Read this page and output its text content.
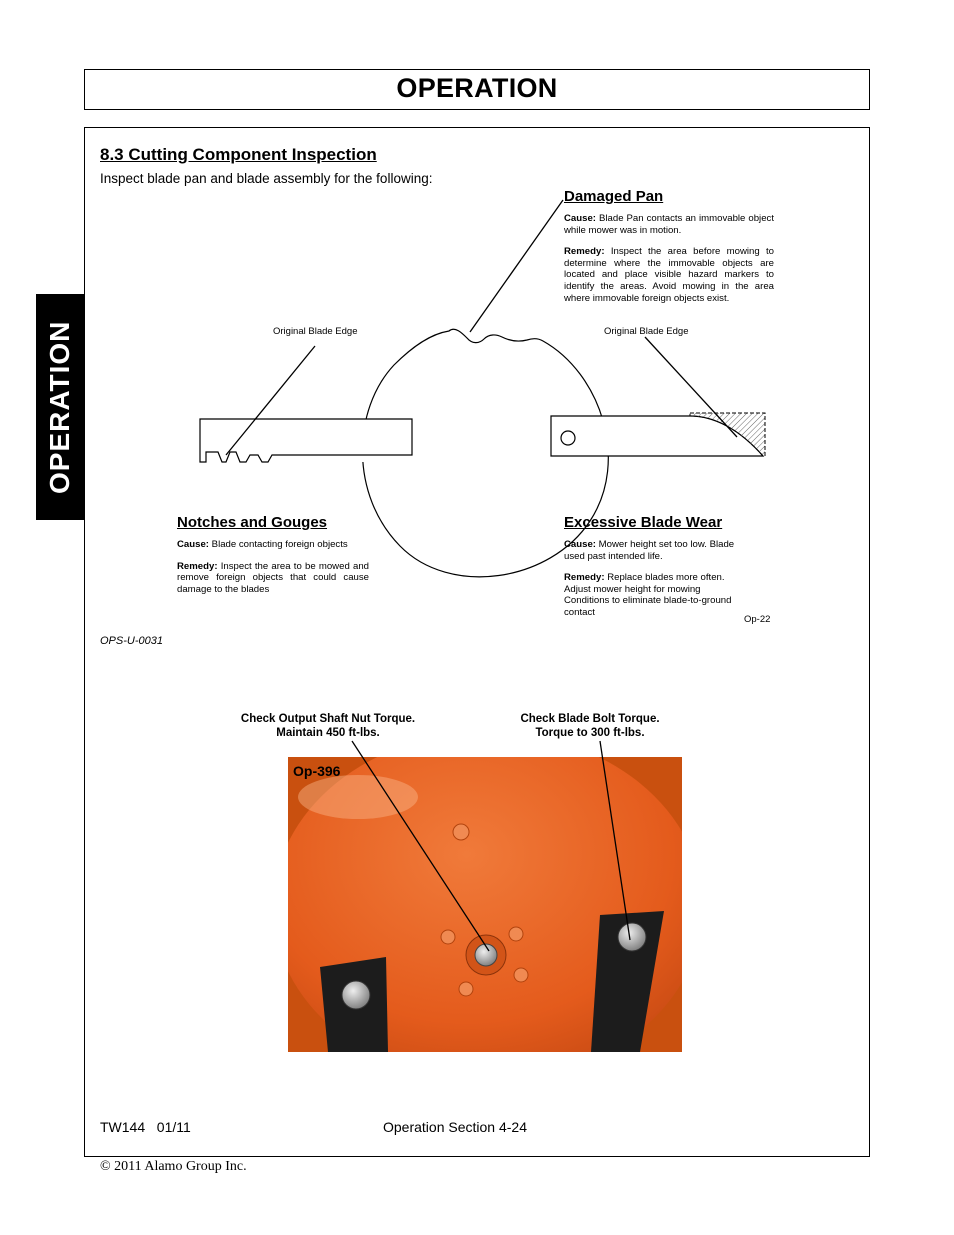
OPERATION
OPERATION
8.3 Cutting Component Inspection
Inspect blade pan and blade assembly for the following:
Original Blade Edge	Original Blade Edge
Op-22
Damaged Pan
Cause: Blade Pan contacts an immovable object while mower was in motion.
Remedy: Inspect the area before mowing to determine where the immovable objects are located and place visible hazard markers to identify the areas. Avoid mowing in the area where immovable foreign objects exist.
Notches and Gouges
Cause: Blade contacting foreign objects
Remedy: Inspect the area to be mowed and remove foreign objects that could cause damage to the blades
Excessive Blade Wear
Cause: Mower height set too low. Blade used past intended life.
Remedy: Replace blades more often. Adjust mower height for mowing Conditions to eliminate blade-to-ground contact
OPS-U-0031
Check Output Shaft Nut Torque.
Maintain 450 ft-lbs.
Check Blade Bolt Torque.
Torque to 300 ft-lbs.
Op-396
TW144   01/11	Operation Section 4-24
© 2011 Alamo Group Inc.
